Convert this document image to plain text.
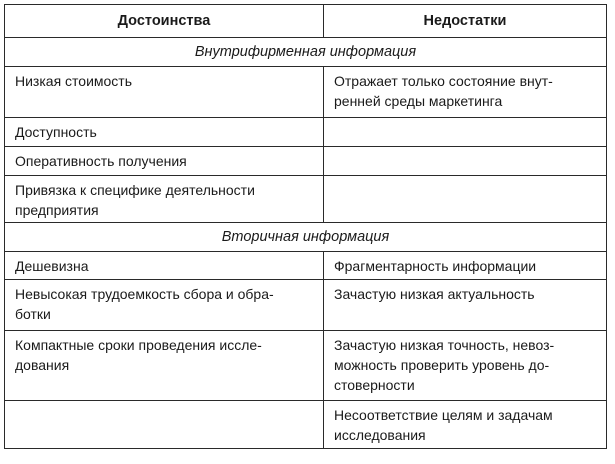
Достоинства	Недостатки
Внутрифирменная информация	

Низкая стоимость	Отражает только состояние внут-
ренней среды маркетинга

Доступность	

Оперативность получения	

Привязка к специфике деятельности
предприятия	

Вторичная информация	

Дешевизна	Фрагментарность информации

Невысокая трудоемкость сбора и обра-
ботки	Зачастую низкая актуальность

Компактные сроки проведения иссле-
дования	Зачастую низкая точность, невоз-
можность проверить уровень до-
стоверности

	Несоответствие целям и задачам
исследования
